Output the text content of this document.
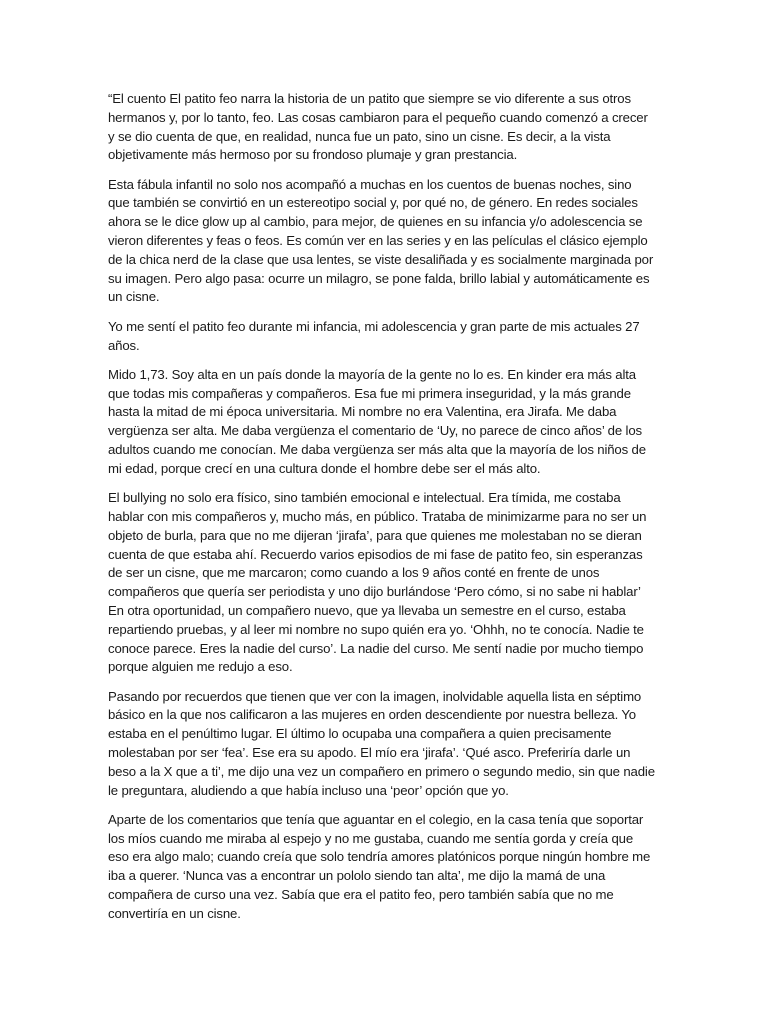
“El cuento El patito feo narra la historia de un patito que siempre se vio diferente a sus otros hermanos y, por lo tanto, feo. Las cosas cambiaron para el pequeño cuando comenzó a crecer y se dio cuenta de que, en realidad, nunca fue un pato, sino un cisne. Es decir, a la vista objetivamente más hermoso por su frondoso plumaje y gran prestancia.

Esta fábula infantil no solo nos acompañó a muchas en los cuentos de buenas noches, sino que también se convirtió en un estereotipo social y, por qué no, de género. En redes sociales ahora se le dice glow up al cambio, para mejor, de quienes en su infancia y/o adolescencia se vieron diferentes y feas o feos. Es común ver en las series y en las películas el clásico ejemplo de la chica nerd de la clase que usa lentes, se viste desaliñada y es socialmente marginada por su imagen. Pero algo pasa: ocurre un milagro, se pone falda, brillo labial y automáticamente es un cisne.

Yo me sentí el patito feo durante mi infancia, mi adolescencia y gran parte de mis actuales 27 años.

Mido 1,73. Soy alta en un país donde la mayoría de la gente no lo es. En kinder era más alta que todas mis compañeras y compañeros. Esa fue mi primera inseguridad, y la más grande hasta la mitad de mi época universitaria. Mi nombre no era Valentina, era Jirafa. Me daba vergüenza ser alta. Me daba vergüenza el comentario de ‘Uy, no parece de cinco años’ de los adultos cuando me conocían. Me daba vergüenza ser más alta que la mayoría de los niños de mi edad, porque crecí en una cultura donde el hombre debe ser el más alto.

El bullying no solo era físico, sino también emocional e intelectual. Era tímida, me costaba hablar con mis compañeros y, mucho más, en público. Trataba de minimizarme para no ser un objeto de burla, para que no me dijeran ‘jirafa’, para que quienes me molestaban no se dieran cuenta de que estaba ahí. Recuerdo varios episodios de mi fase de patito feo, sin esperanzas de ser un cisne, que me marcaron; como cuando a los 9 años conté en frente de unos compañeros que quería ser periodista y uno dijo burlándose ‘Pero cómo, si no sabe ni hablar’ En otra oportunidad, un compañero nuevo, que ya llevaba un semestre en el curso, estaba repartiendo pruebas, y al leer mi nombre no supo quién era yo. ‘Ohhh, no te conocía. Nadie te conoce parece. Eres la nadie del curso’. La nadie del curso. Me sentí nadie por mucho tiempo porque alguien me redujo a eso.

Pasando por recuerdos que tienen que ver con la imagen, inolvidable aquella lista en séptimo básico en la que nos calificaron a las mujeres en orden descendiente por nuestra belleza. Yo estaba en el penúltimo lugar. El último lo ocupaba una compañera a quien precisamente molestaban por ser ‘fea’. Ese era su apodo. El mío era ‘jirafa’. ‘Qué asco. Preferiría darle un beso a la X que a ti’, me dijo una vez un compañero en primero o segundo medio, sin que nadie le preguntara, aludiendo a que había incluso una ‘peor’ opción que yo.

Aparte de los comentarios que tenía que aguantar en el colegio, en la casa tenía que soportar los míos cuando me miraba al espejo y no me gustaba, cuando me sentía gorda y creía que eso era algo malo; cuando creía que solo tendría amores platónicos porque ningún hombre me iba a querer. ‘Nunca vas a encontrar un pololo siendo tan alta’, me dijo la mamá de una compañera de curso una vez. Sabía que era el patito feo, pero también sabía que no me convertiría en un cisne.
